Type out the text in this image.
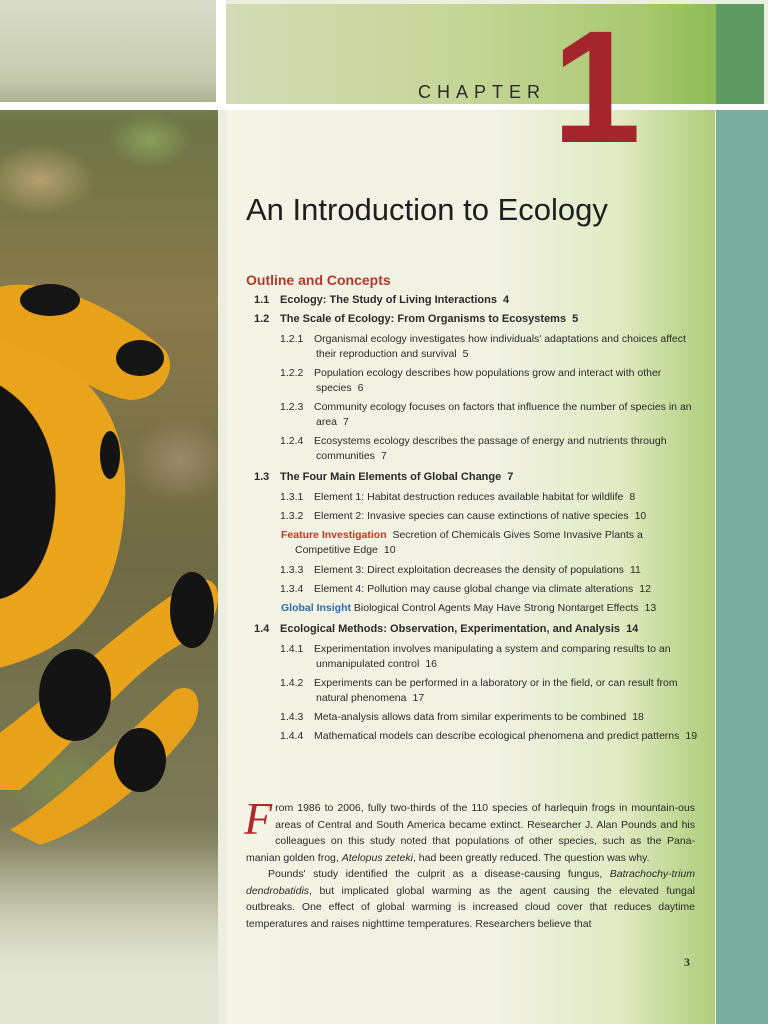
CHAPTER 1
An Introduction to Ecology
Outline and Concepts
1.1 Ecology: The Study of Living Interactions 4
1.2 The Scale of Ecology: From Organisms to Ecosystems 5
1.2.1 Organismal ecology investigates how individuals' adaptations and choices affect their reproduction and survival 5
1.2.2 Population ecology describes how populations grow and interact with other species 6
1.2.3 Community ecology focuses on factors that influence the number of species in an area 7
1.2.4 Ecosystems ecology describes the passage of energy and nutrients through communities 7
1.3 The Four Main Elements of Global Change 7
1.3.1 Element 1: Habitat destruction reduces available habitat for wildlife 8
1.3.2 Element 2: Invasive species can cause extinctions of native species 10
Feature Investigation Secretion of Chemicals Gives Some Invasive Plants a Competitive Edge 10
1.3.3 Element 3: Direct exploitation decreases the density of populations 11
1.3.4 Element 4: Pollution may cause global change via climate alterations 12
Global Insight Biological Control Agents May Have Strong Nontarget Effects 13
1.4 Ecological Methods: Observation, Experimentation, and Analysis 14
1.4.1 Experimentation involves manipulating a system and comparing results to an unmanipulated control 16
1.4.2 Experiments can be performed in a laboratory or in the field, or can result from natural phenomena 17
1.4.3 Meta-analysis allows data from similar experiments to be combined 18
1.4.4 Mathematical models can describe ecological phenomena and predict patterns 19

From 1986 to 2006, fully two-thirds of the 110 species of harlequin frogs in mountain-ous areas of Central and South America became extinct. Researcher J. Alan Pounds and his colleagues on this study noted that populations of other species, such as the Pana-manian golden frog, Atelopus zeteki, had been greatly reduced. The question was why.

Pounds' study identified the culprit as a disease-causing fungus, Batrachochy-trium dendrobatidis, but implicated global warming as the agent causing the elevated fungal outbreaks. One effect of global warming is increased cloud cover that reduces daytime temperatures and raises nighttime temperatures. Researchers believe that

3
